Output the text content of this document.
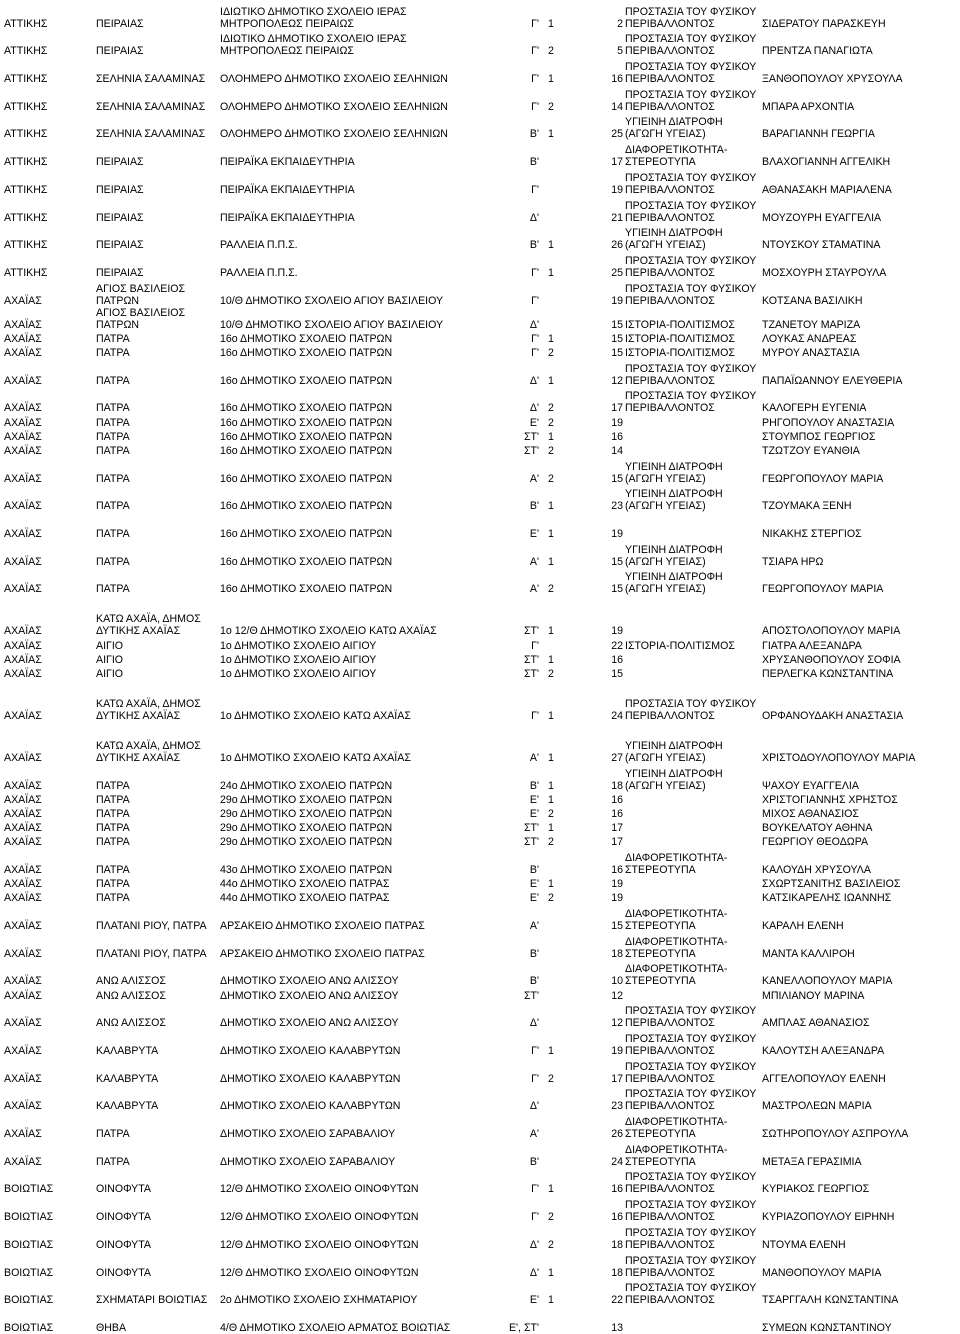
ΑΤΤΙΚΗΣ	ΠΕΙΡΑΙΑΣ	ΙΔΙΩΤΙΚΟ ΔΗΜΟΤΙΚΟ ΣΧΟΛΕΙΟ ΙΕΡΑΣ ΜΗΤΡΟΠΟΛΕΩΣ ΠΕΙΡΑΙΩΣ	Γ'	1	2	ΠΡΟΣΤΑΣΙΑ ΤΟΥ ΦΥΣΙΚΟΥ ΠΕΡΙΒΑΛΛΟΝΤΟΣ	ΣΙΔΕΡΑΤΟΥ ΠΑΡΑΣΚΕΥΗ
ΑΤΤΙΚΗΣ	ΠΕΙΡΑΙΑΣ	ΙΔΙΩΤΙΚΟ ΔΗΜΟΤΙΚΟ ΣΧΟΛΕΙΟ ΙΕΡΑΣ ΜΗΤΡΟΠΟΛΕΩΣ ΠΕΙΡΑΙΩΣ	Γ'	2	5	ΠΡΟΣΤΑΣΙΑ ΤΟΥ ΦΥΣΙΚΟΥ ΠΕΡΙΒΑΛΛΟΝΤΟΣ	ΠΡΕΝΤΖΑ ΠΑΝΑΓΙΩΤΑ
ΑΤΤΙΚΗΣ	ΣΕΛΗΝΙΑ ΣΑΛΑΜΙΝΑΣ	ΟΛΟΗΜΕΡΟ ΔΗΜΟΤΙΚΟ ΣΧΟΛΕΙΟ ΣΕΛΗΝΙΩΝ	Γ'	1	16	ΠΡΟΣΤΑΣΙΑ ΤΟΥ ΦΥΣΙΚΟΥ ΠΕΡΙΒΑΛΛΟΝΤΟΣ	ΞΑΝΘΟΠΟΥΛΟΥ ΧΡΥΣΟΥΛΑ
ΑΤΤΙΚΗΣ	ΣΕΛΗΝΙΑ ΣΑΛΑΜΙΝΑΣ	ΟΛΟΗΜΕΡΟ ΔΗΜΟΤΙΚΟ ΣΧΟΛΕΙΟ ΣΕΛΗΝΙΩΝ	Γ'	2	14	ΠΡΟΣΤΑΣΙΑ ΤΟΥ ΦΥΣΙΚΟΥ ΠΕΡΙΒΑΛΛΟΝΤΟΣ	ΜΠΑΡΑ ΑΡΧΟΝΤΙΑ
ΑΤΤΙΚΗΣ	ΣΕΛΗΝΙΑ ΣΑΛΑΜΙΝΑΣ	ΟΛΟΗΜΕΡΟ ΔΗΜΟΤΙΚΟ ΣΧΟΛΕΙΟ ΣΕΛΗΝΙΩΝ	Β'	1	25	ΥΓΙΕΙΝΗ ΔΙΑΤΡΟΦΗ (ΑΓΩΓΗ ΥΓΕΙΑΣ)	ΒΑΡΑΓΙΑΝΝΗ ΓΕΩΡΓΙΑ
ΑΤΤΙΚΗΣ	ΠΕΙΡΑΙΑΣ	ΠΕΙΡΑΪΚΑ ΕΚΠΑΙΔΕΥΤΗΡΙΑ	Β'		17	ΔΙΑΦΟΡΕΤΙΚΟΤΗΤΑ-ΣΤΕΡΕΟΤΥΠΑ	ΒΛΑΧΟΓΙΑΝΝΗ ΑΓΓΕΛΙΚΗ
ΑΤΤΙΚΗΣ	ΠΕΙΡΑΙΑΣ	ΠΕΙΡΑΪΚΑ ΕΚΠΑΙΔΕΥΤΗΡΙΑ	Γ'		19	ΠΡΟΣΤΑΣΙΑ ΤΟΥ ΦΥΣΙΚΟΥ ΠΕΡΙΒΑΛΛΟΝΤΟΣ	ΑΘΑΝΑΣΑΚΗ ΜΑΡΙΑΛΕΝΑ
ΑΤΤΙΚΗΣ	ΠΕΙΡΑΙΑΣ	ΠΕΙΡΑΪΚΑ ΕΚΠΑΙΔΕΥΤΗΡΙΑ	Δ'		21	ΠΡΟΣΤΑΣΙΑ ΤΟΥ ΦΥΣΙΚΟΥ ΠΕΡΙΒΑΛΛΟΝΤΟΣ	ΜΟΥΖΟΥΡΗ ΕΥΑΓΓΕΛΙΑ
ΑΤΤΙΚΗΣ	ΠΕΙΡΑΙΑΣ	ΡΑΛΛΕΙΑ Π.Π.Σ.	Β'	1	26	ΥΓΙΕΙΝΗ ΔΙΑΤΡΟΦΗ (ΑΓΩΓΗ ΥΓΕΙΑΣ)	ΝΤΟΥΣΚΟΥ ΣΤΑΜΑΤΙΝΑ
ΑΤΤΙΚΗΣ	ΠΕΙΡΑΙΑΣ	ΡΑΛΛΕΙΑ Π.Π.Σ.	Γ'	1	25	ΠΡΟΣΤΑΣΙΑ ΤΟΥ ΦΥΣΙΚΟΥ ΠΕΡΙΒΑΛΛΟΝΤΟΣ	ΜΟΣΧΟΥΡΗ ΣΤΑΥΡΟΥΛΑ
ΑΧΑΪΑΣ	ΑΓΙΟΣ ΒΑΣΙΛΕΙΟΣ ΠΑΤΡΩΝ	10/Θ ΔΗΜΟΤΙΚΟ ΣΧΟΛΕΙΟ ΑΓΙΟΥ ΒΑΣΙΛΕΙΟΥ	Γ'		19	ΠΡΟΣΤΑΣΙΑ ΤΟΥ ΦΥΣΙΚΟΥ ΠΕΡΙΒΑΛΛΟΝΤΟΣ	ΚΟΤΣΑΝΑ ΒΑΣΙΛΙΚΗ
ΑΧΑΪΑΣ	ΑΓΙΟΣ ΒΑΣΙΛΕΙΟΣ ΠΑΤΡΩΝ	10/Θ ΔΗΜΟΤΙΚΟ ΣΧΟΛΕΙΟ ΑΓΙΟΥ ΒΑΣΙΛΕΙΟΥ	Δ'		15	ΙΣΤΟΡΙΑ-ΠΟΛΙΤΙΣΜΟΣ	ΤΖΑΝΕΤΟΥ ΜΑΡΙΖΑ
ΑΧΑΪΑΣ	ΠΑΤΡΑ	16ο ΔΗΜΟΤΙΚΟ ΣΧΟΛΕΙΟ ΠΑΤΡΩΝ	Γ'	1	15	ΙΣΤΟΡΙΑ-ΠΟΛΙΤΙΣΜΟΣ	ΛΟΥΚΑΣ ΑΝΔΡΕΑΣ
ΑΧΑΪΑΣ	ΠΑΤΡΑ	16ο ΔΗΜΟΤΙΚΟ ΣΧΟΛΕΙΟ ΠΑΤΡΩΝ	Γ'	2	15	ΙΣΤΟΡΙΑ-ΠΟΛΙΤΙΣΜΟΣ	ΜΥΡΟΥ ΑΝΑΣΤΑΣΙΑ
ΑΧΑΪΑΣ	ΠΑΤΡΑ	16ο ΔΗΜΟΤΙΚΟ ΣΧΟΛΕΙΟ ΠΑΤΡΩΝ	Δ'	1	12	ΠΡΟΣΤΑΣΙΑ ΤΟΥ ΦΥΣΙΚΟΥ ΠΕΡΙΒΑΛΛΟΝΤΟΣ	ΠΑΠΑΪΩΑΝΝΟΥ ΕΛΕΥΘΕΡΙΑ
ΑΧΑΪΑΣ	ΠΑΤΡΑ	16ο ΔΗΜΟΤΙΚΟ ΣΧΟΛΕΙΟ ΠΑΤΡΩΝ	Δ'	2	17	ΠΡΟΣΤΑΣΙΑ ΤΟΥ ΦΥΣΙΚΟΥ ΠΕΡΙΒΑΛΛΟΝΤΟΣ	ΚΑΛΟΓΕΡΗ ΕΥΓΕΝΙΑ
ΑΧΑΪΑΣ	ΠΑΤΡΑ	16ο ΔΗΜΟΤΙΚΟ ΣΧΟΛΕΙΟ ΠΑΤΡΩΝ	Ε'	2	19		ΡΗΓΟΠΟΥΛΟΥ ΑΝΑΣΤΑΣΙΑ
ΑΧΑΪΑΣ	ΠΑΤΡΑ	16ο ΔΗΜΟΤΙΚΟ ΣΧΟΛΕΙΟ ΠΑΤΡΩΝ	ΣΤ'	1	16		ΣΤΟΥΜΠΟΣ ΓΕΩΡΓΙΟΣ
ΑΧΑΪΑΣ	ΠΑΤΡΑ	16ο ΔΗΜΟΤΙΚΟ ΣΧΟΛΕΙΟ ΠΑΤΡΩΝ	ΣΤ'	2	14		ΤΖΩΤΖΟΥ ΕΥΑΝΘΙΑ
ΑΧΑΪΑΣ	ΠΑΤΡΑ	16ο ΔΗΜΟΤΙΚΟ ΣΧΟΛΕΙΟ ΠΑΤΡΩΝ	Α'	2	15	ΥΓΙΕΙΝΗ ΔΙΑΤΡΟΦΗ (ΑΓΩΓΗ ΥΓΕΙΑΣ)	ΓΕΩΡΓΟΠΟΥΛΟΥ ΜΑΡΙΑ
ΑΧΑΪΑΣ	ΠΑΤΡΑ	16ο ΔΗΜΟΤΙΚΟ ΣΧΟΛΕΙΟ ΠΑΤΡΩΝ	Β'	1	23	ΥΓΙΕΙΝΗ ΔΙΑΤΡΟΦΗ (ΑΓΩΓΗ ΥΓΕΙΑΣ)	ΤΖΟΥΜΑΚΑ ΞΕΝΗ
ΑΧΑΪΑΣ	ΠΑΤΡΑ	16ο ΔΗΜΟΤΙΚΟ ΣΧΟΛΕΙΟ ΠΑΤΡΩΝ	Ε'	1	19		ΝΙΚΑΚΗΣ ΣΤΕΡΓΙΟΣ
ΑΧΑΪΑΣ	ΠΑΤΡΑ	16ο ΔΗΜΟΤΙΚΟ ΣΧΟΛΕΙΟ ΠΑΤΡΩΝ	Α'	1	15	ΥΓΙΕΙΝΗ ΔΙΑΤΡΟΦΗ (ΑΓΩΓΗ ΥΓΕΙΑΣ)	ΤΣΙΑΡΑ ΗΡΩ
ΑΧΑΪΑΣ	ΠΑΤΡΑ	16ο ΔΗΜΟΤΙΚΟ ΣΧΟΛΕΙΟ ΠΑΤΡΩΝ	Α'	2	15	ΥΓΙΕΙΝΗ ΔΙΑΤΡΟΦΗ (ΑΓΩΓΗ ΥΓΕΙΑΣ)	ΓΕΩΡΓΟΠΟΥΛΟΥ ΜΑΡΙΑ
ΑΧΑΪΑΣ	ΚΑΤΩ ΑΧΑΪΑ, ΔΗΜΟΣ ΔΥΤΙΚΗΣ ΑΧΑΪΑΣ	1ο 12/Θ ΔΗΜΟΤΙΚΟ ΣΧΟΛΕΙΟ ΚΑΤΩ ΑΧΑΪΑΣ	ΣΤ'	1	19		ΑΠΟΣΤΟΛΟΠΟΥΛΟΥ ΜΑΡΙΑ
ΑΧΑΪΑΣ	ΑΙΓΙΟ	1ο ΔΗΜΟΤΙΚΟ ΣΧΟΛΕΙΟ ΑΙΓΙΟΥ	Γ'		22	ΙΣΤΟΡΙΑ-ΠΟΛΙΤΙΣΜΟΣ	ΓΙΑΤΡΑ ΑΛΕΞΑΝΔΡΑ
ΑΧΑΪΑΣ	ΑΙΓΙΟ	1ο ΔΗΜΟΤΙΚΟ ΣΧΟΛΕΙΟ ΑΙΓΙΟΥ	ΣΤ'	1	16		ΧΡΥΣΑΝΘΟΠΟΥΛΟΥ ΣΟΦΙΑ
ΑΧΑΪΑΣ	ΑΙΓΙΟ	1ο ΔΗΜΟΤΙΚΟ ΣΧΟΛΕΙΟ ΑΙΓΙΟΥ	ΣΤ'	2	15		ΠΕΡΛΕΓΚΑ ΚΩΝΣΤΑΝΤΙΝΑ
ΑΧΑΪΑΣ	ΚΑΤΩ ΑΧΑΪΑ, ΔΗΜΟΣ ΔΥΤΙΚΗΣ ΑΧΑΪΑΣ	1ο ΔΗΜΟΤΙΚΟ ΣΧΟΛΕΙΟ ΚΑΤΩ ΑΧΑΪΑΣ	Γ'	1	24	ΠΡΟΣΤΑΣΙΑ ΤΟΥ ΦΥΣΙΚΟΥ ΠΕΡΙΒΑΛΛΟΝΤΟΣ	ΟΡΦΑΝΟΥΔΑΚΗ ΑΝΑΣΤΑΣΙΑ
ΑΧΑΪΑΣ	ΚΑΤΩ ΑΧΑΪΑ, ΔΗΜΟΣ ΔΥΤΙΚΗΣ ΑΧΑΪΑΣ	1ο ΔΗΜΟΤΙΚΟ ΣΧΟΛΕΙΟ ΚΑΤΩ ΑΧΑΪΑΣ	Α'	1	27	ΥΓΙΕΙΝΗ ΔΙΑΤΡΟΦΗ (ΑΓΩΓΗ ΥΓΕΙΑΣ)	ΧΡΙΣΤΟΔΟΥΛΟΠΟΥΛΟΥ ΜΑΡΙΑ
ΑΧΑΪΑΣ	ΠΑΤΡΑ	24ο ΔΗΜΟΤΙΚΟ ΣΧΟΛΕΙΟ ΠΑΤΡΩΝ	Β'	1	18	ΥΓΙΕΙΝΗ ΔΙΑΤΡΟΦΗ (ΑΓΩΓΗ ΥΓΕΙΑΣ)	ΨΑΧΟΥ ΕΥΑΓΓΕΛΙΑ
ΑΧΑΪΑΣ	ΠΑΤΡΑ	29ο ΔΗΜΟΤΙΚΟ ΣΧΟΛΕΙΟ ΠΑΤΡΩΝ	Ε'	1	16		ΧΡΙΣΤΟΓΙΑΝΝΗΣ ΧΡΗΣΤΟΣ
ΑΧΑΪΑΣ	ΠΑΤΡΑ	29ο ΔΗΜΟΤΙΚΟ ΣΧΟΛΕΙΟ ΠΑΤΡΩΝ	Ε'	2	16		ΜΙΧΟΣ ΑΘΑΝΑΣΙΟΣ
ΑΧΑΪΑΣ	ΠΑΤΡΑ	29ο ΔΗΜΟΤΙΚΟ ΣΧΟΛΕΙΟ ΠΑΤΡΩΝ	ΣΤ'	1	17		ΒΟΥΚΕΛΑΤΟΥ ΑΘΗΝΑ
ΑΧΑΪΑΣ	ΠΑΤΡΑ	29ο ΔΗΜΟΤΙΚΟ ΣΧΟΛΕΙΟ ΠΑΤΡΩΝ	ΣΤ'	2	17		ΓΕΩΡΓΙΟΥ ΘΕΟΔΩΡΑ
ΑΧΑΪΑΣ	ΠΑΤΡΑ	43ο ΔΗΜΟΤΙΚΟ ΣΧΟΛΕΙΟ ΠΑΤΡΩΝ	Β'		16	ΔΙΑΦΟΡΕΤΙΚΟΤΗΤΑ-ΣΤΕΡΕΟΤΥΠΑ	ΚΑΛΟΥΔΗ ΧΡΥΣΟΥΛΑ
ΑΧΑΪΑΣ	ΠΑΤΡΑ	44ο ΔΗΜΟΤΙΚΟ ΣΧΟΛΕΙΟ ΠΑΤΡΑΣ	Ε'	1	19		ΣΧΩΡΤΣΑΝΙΤΗΣ ΒΑΣΙΛΕΙΟΣ
ΑΧΑΪΑΣ	ΠΑΤΡΑ	44ο ΔΗΜΟΤΙΚΟ ΣΧΟΛΕΙΟ ΠΑΤΡΑΣ	Ε'	2	19		ΚΑΤΣΙΚΑΡΕΛΗΣ ΙΩΑΝΝΗΣ
ΑΧΑΪΑΣ	ΠΛΑΤΑΝΙ ΡΙΟΥ, ΠΑΤΡΑ	ΑΡΣΑΚΕΙΟ ΔΗΜΟΤΙΚΟ ΣΧΟΛΕΙΟ ΠΑΤΡΑΣ	Α'		15	ΔΙΑΦΟΡΕΤΙΚΟΤΗΤΑ-ΣΤΕΡΕΟΤΥΠΑ	ΚΑΡΑΛΗ ΕΛΕΝΗ
ΑΧΑΪΑΣ	ΠΛΑΤΑΝΙ ΡΙΟΥ, ΠΑΤΡΑ	ΑΡΣΑΚΕΙΟ ΔΗΜΟΤΙΚΟ ΣΧΟΛΕΙΟ ΠΑΤΡΑΣ	Β'		18	ΔΙΑΦΟΡΕΤΙΚΟΤΗΤΑ-ΣΤΕΡΕΟΤΥΠΑ	ΜΑΝΤΑ ΚΑΛΛΙΡΟΗ
ΑΧΑΪΑΣ	ΑΝΩ ΑΛΙΣΣΟΣ	ΔΗΜΟΤΙΚΟ ΣΧΟΛΕΙΟ ΑΝΩ ΑΛΙΣΣΟΥ	Β'		10	ΔΙΑΦΟΡΕΤΙΚΟΤΗΤΑ-ΣΤΕΡΕΟΤΥΠΑ	ΚΑΝΕΛΛΟΠΟΥΛΟΥ ΜΑΡΙΑ
ΑΧΑΪΑΣ	ΑΝΩ ΑΛΙΣΣΟΣ	ΔΗΜΟΤΙΚΟ ΣΧΟΛΕΙΟ ΑΝΩ ΑΛΙΣΣΟΥ	ΣΤ'		12		ΜΠΙΛΙΑΝΟΥ ΜΑΡΙΝΑ
ΑΧΑΪΑΣ	ΑΝΩ ΑΛΙΣΣΟΣ	ΔΗΜΟΤΙΚΟ ΣΧΟΛΕΙΟ ΑΝΩ ΑΛΙΣΣΟΥ	Δ'		12	ΠΡΟΣΤΑΣΙΑ ΤΟΥ ΦΥΣΙΚΟΥ ΠΕΡΙΒΑΛΛΟΝΤΟΣ	ΑΜΠΛΑΣ ΑΘΑΝΑΣΙΟΣ
ΑΧΑΪΑΣ	ΚΑΛΑΒΡΥΤΑ	ΔΗΜΟΤΙΚΟ ΣΧΟΛΕΙΟ ΚΑΛΑΒΡΥΤΩΝ	Γ'	1	19	ΠΡΟΣΤΑΣΙΑ ΤΟΥ ΦΥΣΙΚΟΥ ΠΕΡΙΒΑΛΛΟΝΤΟΣ	ΚΑΛΟΥΤΣΗ ΑΛΕΞΑΝΔΡΑ
ΑΧΑΪΑΣ	ΚΑΛΑΒΡΥΤΑ	ΔΗΜΟΤΙΚΟ ΣΧΟΛΕΙΟ ΚΑΛΑΒΡΥΤΩΝ	Γ'	2	17	ΠΡΟΣΤΑΣΙΑ ΤΟΥ ΦΥΣΙΚΟΥ ΠΕΡΙΒΑΛΛΟΝΤΟΣ	ΑΓΓΕΛΟΠΟΥΛΟΥ ΕΛΕΝΗ
ΑΧΑΪΑΣ	ΚΑΛΑΒΡΥΤΑ	ΔΗΜΟΤΙΚΟ ΣΧΟΛΕΙΟ ΚΑΛΑΒΡΥΤΩΝ	Δ'		23	ΠΡΟΣΤΑΣΙΑ ΤΟΥ ΦΥΣΙΚΟΥ ΠΕΡΙΒΑΛΛΟΝΤΟΣ	ΜΑΣΤΡΟΛΕΩΝ ΜΑΡΙΑ
ΑΧΑΪΑΣ	ΠΑΤΡΑ	ΔΗΜΟΤΙΚΟ ΣΧΟΛΕΙΟ ΣΑΡΑΒΑΛΙΟΥ	Α'		26	ΔΙΑΦΟΡΕΤΙΚΟΤΗΤΑ-ΣΤΕΡΕΟΤΥΠΑ	ΣΩΤΗΡΟΠΟΥΛΟΥ ΑΣΠΡΟΥΛΑ
ΑΧΑΪΑΣ	ΠΑΤΡΑ	ΔΗΜΟΤΙΚΟ ΣΧΟΛΕΙΟ ΣΑΡΑΒΑΛΙΟΥ	Β'		24	ΔΙΑΦΟΡΕΤΙΚΟΤΗΤΑ-ΣΤΕΡΕΟΤΥΠΑ	ΜΕΤΑΞΑ ΓΕΡΑΣΙΜΙΑ
ΒΟΙΩΤΙΑΣ	ΟΙΝΟΦΥΤΑ	12/Θ ΔΗΜΟΤΙΚΟ ΣΧΟΛΕΙΟ ΟΙΝΟΦΥΤΩΝ	Γ'	1	16	ΠΡΟΣΤΑΣΙΑ ΤΟΥ ΦΥΣΙΚΟΥ ΠΕΡΙΒΑΛΛΟΝΤΟΣ	ΚΥΡΙΑΚΟΣ ΓΕΩΡΓΙΟΣ
ΒΟΙΩΤΙΑΣ	ΟΙΝΟΦΥΤΑ	12/Θ ΔΗΜΟΤΙΚΟ ΣΧΟΛΕΙΟ ΟΙΝΟΦΥΤΩΝ	Γ'	2	16	ΠΡΟΣΤΑΣΙΑ ΤΟΥ ΦΥΣΙΚΟΥ ΠΕΡΙΒΑΛΛΟΝΤΟΣ	ΚΥΡΙΑΖΟΠΟΥΛΟΥ ΕΙΡΗΝΗ
ΒΟΙΩΤΙΑΣ	ΟΙΝΟΦΥΤΑ	12/Θ ΔΗΜΟΤΙΚΟ ΣΧΟΛΕΙΟ ΟΙΝΟΦΥΤΩΝ	Δ'	2	18	ΠΡΟΣΤΑΣΙΑ ΤΟΥ ΦΥΣΙΚΟΥ ΠΕΡΙΒΑΛΛΟΝΤΟΣ	ΝΤΟΥΜΑ ΕΛΕΝΗ
ΒΟΙΩΤΙΑΣ	ΟΙΝΟΦΥΤΑ	12/Θ ΔΗΜΟΤΙΚΟ ΣΧΟΛΕΙΟ ΟΙΝΟΦΥΤΩΝ	Δ'	1	18	ΠΡΟΣΤΑΣΙΑ ΤΟΥ ΦΥΣΙΚΟΥ ΠΕΡΙΒΑΛΛΟΝΤΟΣ	ΜΑΝΘΟΠΟΥΛΟΥ ΜΑΡΙΑ
ΒΟΙΩΤΙΑΣ	ΣΧΗΜΑΤΑΡΙ ΒΟΙΩΤΙΑΣ	2ο ΔΗΜΟΤΙΚΟ ΣΧΟΛΕΙΟ ΣΧΗΜΑΤΑΡΙΟΥ	Ε'	1	22	ΠΡΟΣΤΑΣΙΑ ΤΟΥ ΦΥΣΙΚΟΥ ΠΕΡΙΒΑΛΛΟΝΤΟΣ	ΤΣΑΡΓΓΑΛΗ ΚΩΝΣΤΑΝΤΙΝΑ
ΒΟΙΩΤΙΑΣ	ΘΗΒΑ	4/Θ ΔΗΜΟΤΙΚΟ ΣΧΟΛΕΙΟ ΑΡΜΑΤΟΣ ΒΟΙΩΤΙΑΣ	Ε', ΣΤ'		13		ΣΥΜΕΩΝ ΚΩΝΣΤΑΝΤΙΝΟΥ
